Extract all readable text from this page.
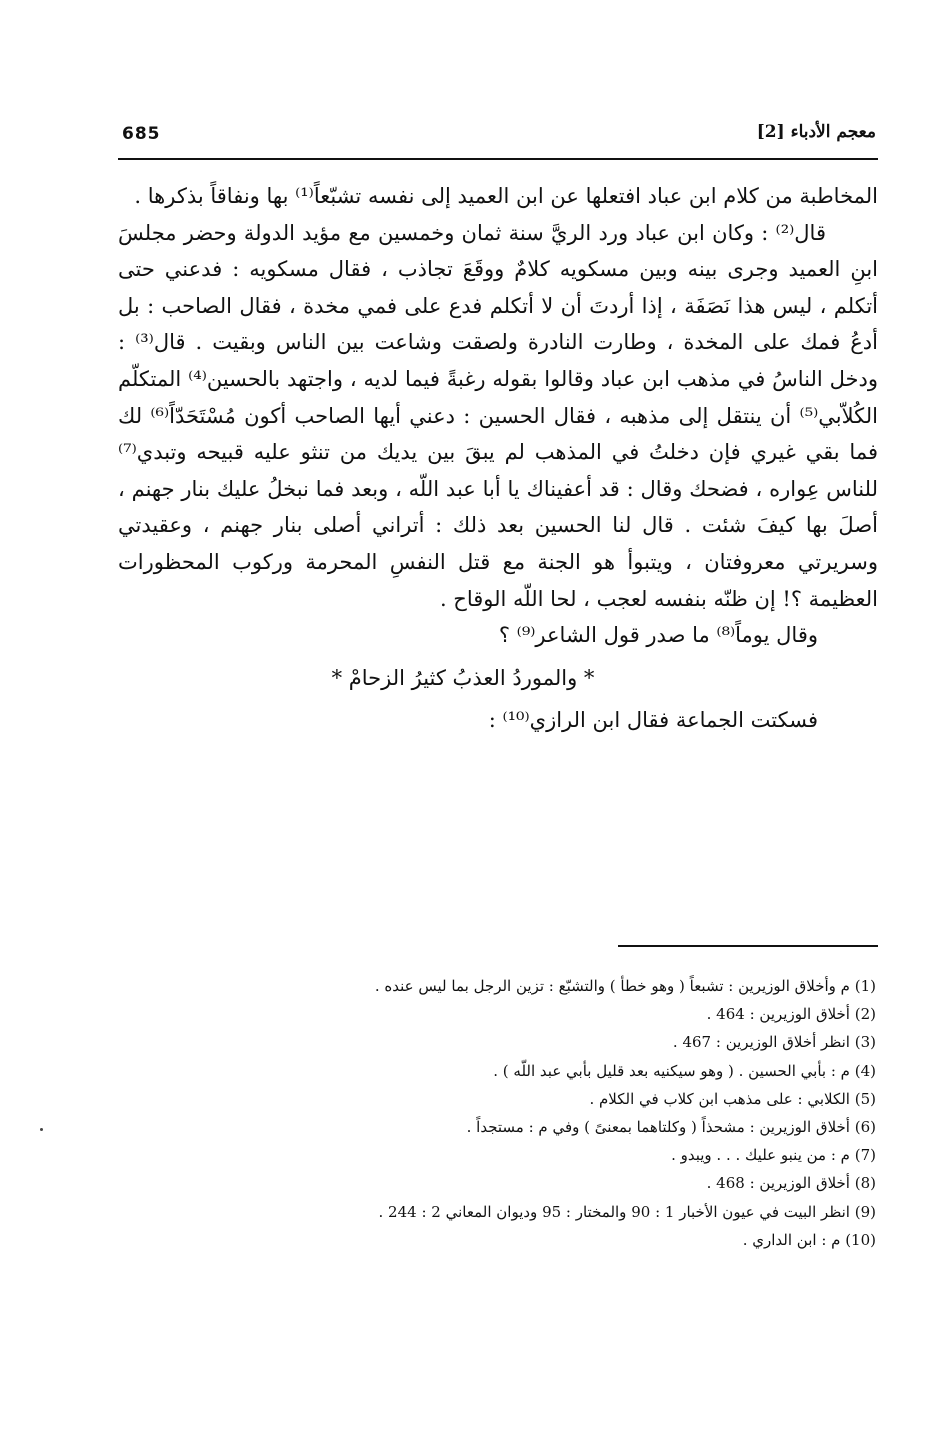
685	معجم الأدباء [2]

المخاطبة من كلام ابن عباد افتعلها عن ابن العميد إلى نفسه تشبّعاً⁽¹⁾ بها ونفاقاً بذكرها .

قال⁽²⁾ : وكان ابن عباد ورد الريَّ سنة ثمان وخمسين مع مؤيد الدولة وحضر مجلسَ ابنِ العميد وجرى بينه وبين مسكويه كلامٌ ووقَعَ تجاذب ، فقال مسكويه : فدعني حتى أتكلم ، ليس هذا نَصَفَة ، إذا أردتَ أن لا أتكلم فدع على فمي مخدة ، فقال الصاحب : بل أدعُ فمك على المخدة ، وطارت النادرة ولصقت وشاعت بين الناس وبقيت . قال⁽³⁾ : ودخل الناسُ في مذهب ابن عباد وقالوا بقوله رغبةً فيما لديه ، واجتهد بالحسين⁽⁴⁾ المتكلّم الكُلاّبي⁽⁵⁾ أن ينتقل إلى مذهبه ، فقال الحسين : دعني أيها الصاحب أكون مُسْتَحَدّاً⁽⁶⁾ لك فما بقي غيري فإن دخلتُ في المذهب لم يبقَ بين يديك من تنثو عليه قبيحه وتبدي⁽⁷⁾ للناس عِواره ، فضحك وقال : قد أعفيناك يا أبا عبد اللّه ، وبعد فما نبخلُ عليك بنار جهنم ، أصلَ بها كيفَ شئت . قال لنا الحسين بعد ذلك : أتراني أصلى بنار جهنم ، وعقيدتي وسريرتي معروفتان ، ويتبوأ هو الجنة مع قتل النفسِ المحرمة وركوب المحظورات العظيمة ؟! إن ظنّه بنفسه لعجب ، لحا اللّه الوقاح .

وقال يوماً⁽⁸⁾ ما صدر قول الشاعر⁽⁹⁾ ؟

* والموردُ العذبُ كثيرُ الزحامْ *

فسكتت الجماعة فقال ابن الرازي⁽¹⁰⁾ :

(1) م وأخلاق الوزيرين : تشبعاً ( وهو خطأ ) والتشبّع : تزين الرجل بما ليس عنده .

(2) أخلاق الوزيرين : 464 .

(3) انظر أخلاق الوزيرين : 467 .

(4) م : بأبي الحسين . ( وهو سيكنيه بعد قليل بأبي عبد اللّه ) .

(5) الكلابي : على مذهب ابن كلاب في الكلام .

(6) أخلاق الوزيرين : مشحذاً ( وكلتاهما بمعنىً ) وفي م : مستجداً .

(7) م : من ينبو عليك . . . ويبدو .

(8) أخلاق الوزيرين : 468 .

(9) انظر البيت في عيون الأخبار 1 : 90 والمختار : 95 وديوان المعاني 2 : 244 .

(10) م : ابن الداري .
